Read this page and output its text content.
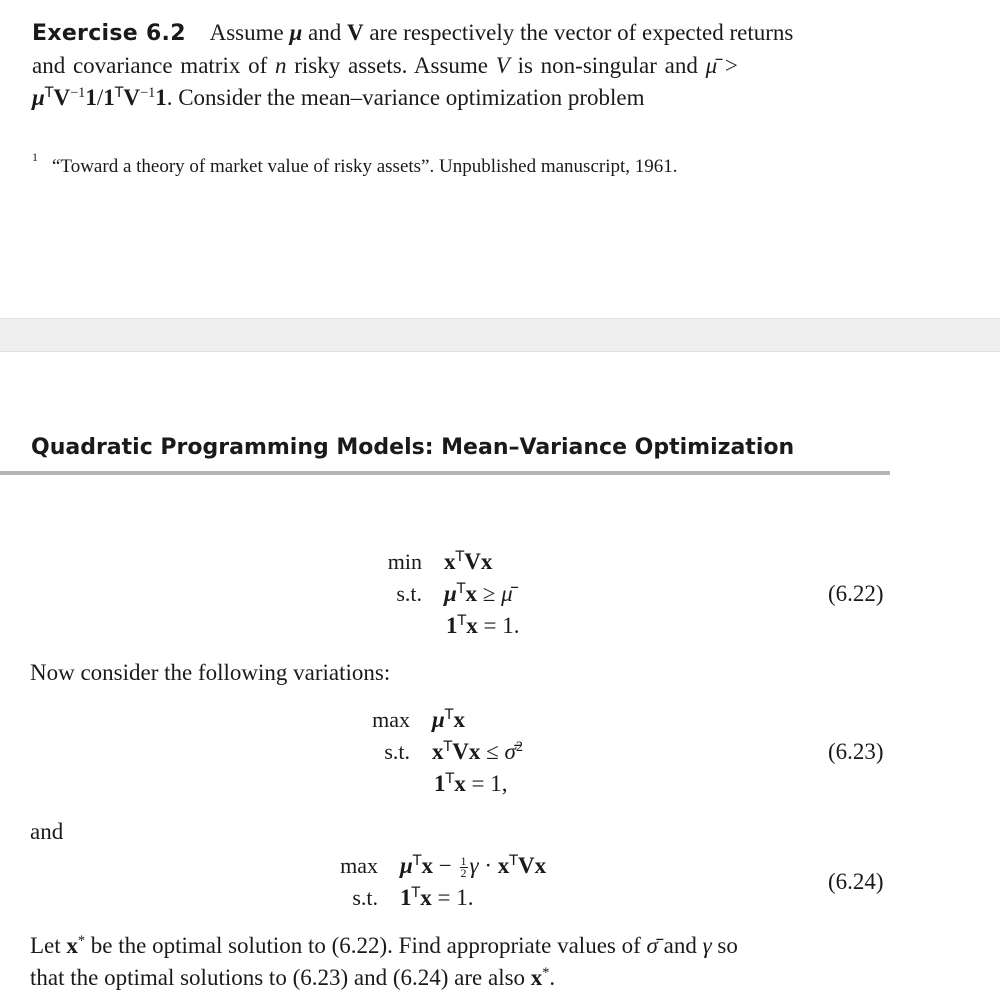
Exercise 6.2 Assume μ and V are respectively the vector of expected returns
and covariance matrix of n risky assets. Assume V is non-singular and μ̄ >
$\mu^TV^{-1}1/1^TV^{-1}1$. Consider the mean–variance optimization problem
1 “Toward a theory of market value of risky assets”. Unpublished manuscript, 1961.
Quadratic Programming Models: Mean–Variance Optimization
$\min x^TVx$
s.t. $\mu^Tx$ ≥ μ̄	(6.22)
$1^Tx = 1$.
Now consider the following variations:
$\max \mu^Tx$
s.t. $x^TVx$ ≤ σ̄$^2$	(6.23)
$1^Tx = 1$,
and
$\max \mu^Tx - \frac{1}{2}$ $\gamma \cdot x^TVx$
s.t. $1^Tx = 1$.
(6.24)
Let x* be the optimal solution to (6.22). Find appropriate values of σ̄ and γ so
that the optimal solutions to (6.23) and (6.24) are also x*.
